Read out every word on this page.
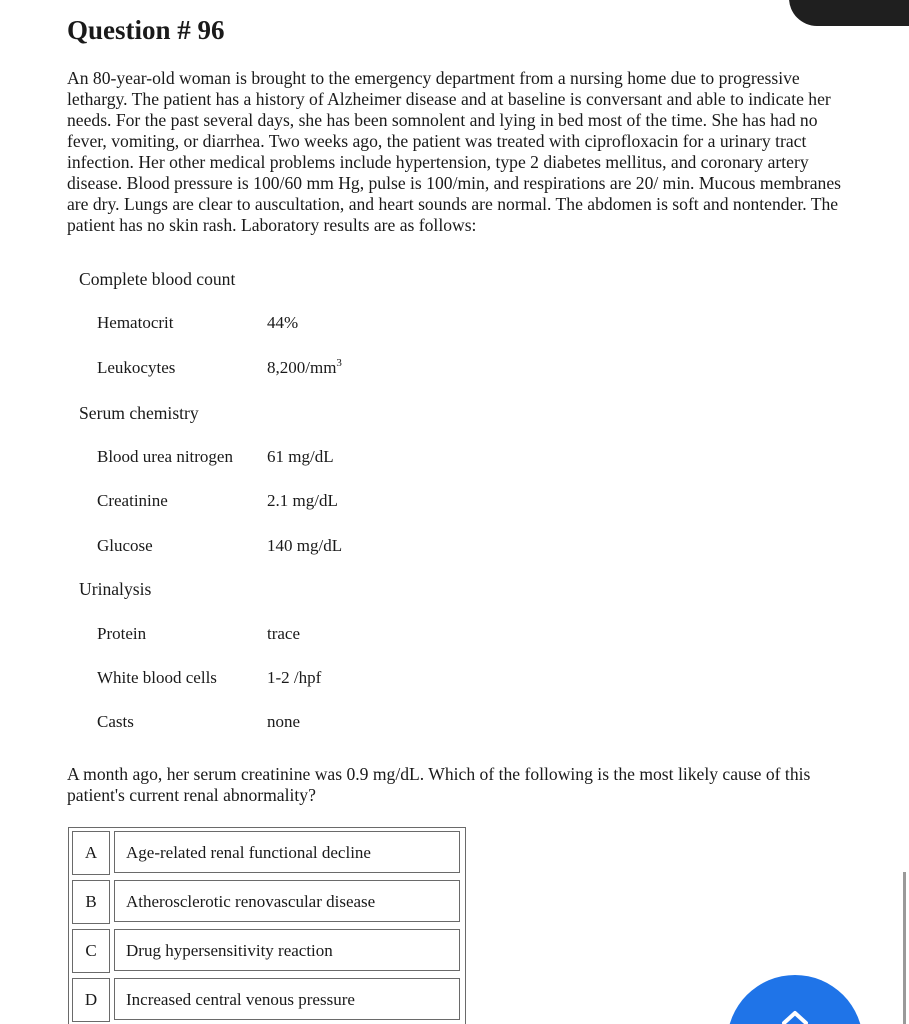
Question # 96

An 80-year-old woman is brought to the emergency department from a nursing home due to progressive lethargy. The patient has a history of Alzheimer disease and at baseline is conversant and able to indicate her needs. For the past several days, she has been somnolent and lying in bed most of the time. She has had no fever, vomiting, or diarrhea. Two weeks ago, the patient was treated with ciprofloxacin for a urinary tract infection. Her other medical problems include hypertension, type 2 diabetes mellitus, and coronary artery disease. Blood pressure is 100/60 mm Hg, pulse is 100/min, and respirations are 20/ min. Mucous membranes are dry. Lungs are clear to auscultation, and heart sounds are normal. The abdomen is soft and nontender. The patient has no skin rash. Laboratory results are as follows:

Complete blood count
Hematocrit	44%
Leukocytes	$8,200/mm^3$
Serum chemistry
Blood urea nitrogen 61 mg/dL
Creatinine	2.1 mg/dL
Glucose	140 mg/dL
Urinalysis
Protein	trace
White blood cells	1-2 /hpf
Casts	none

A month ago, her serum creatinine was 0.9 mg/dL. Which of the following is the most likely cause of this patient's current renal abnormality?

A	Age-related renal functional decline
B	Atherosclerotic renovascular disease
C	Drug hypersensitivity reaction
D	Increased central venous pressure
